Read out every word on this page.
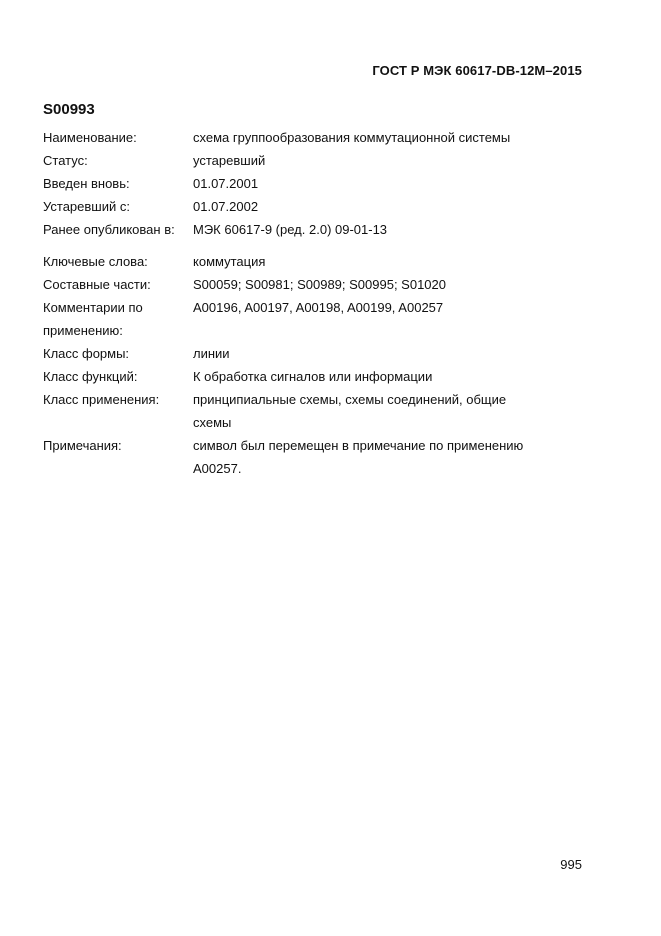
ГОСТ Р МЭК 60617-DB-12M–2015
S00993
Наименование:	схема группообразования коммутационной системы
Статус:	устаревший
Введен вновь:	01.07.2001
Устаревший с:	01.07.2002
Ранее опубликован в:	МЭК 60617-9 (ред. 2.0) 09-01-13
Ключевые слова:	коммутация
Составные части:	S00059; S00981; S00989; S00995; S01020
Комментарии по
применению:
A00196, A00197, A00198, A00199, A00257
Класс формы:	линии
Класс функций:	К обработка сигналов или информации
Класс применения:	принципиальные схемы, схемы соединений, общие
схемы
Примечания:	символ был перемещен в примечание по применению
A00257.
995
